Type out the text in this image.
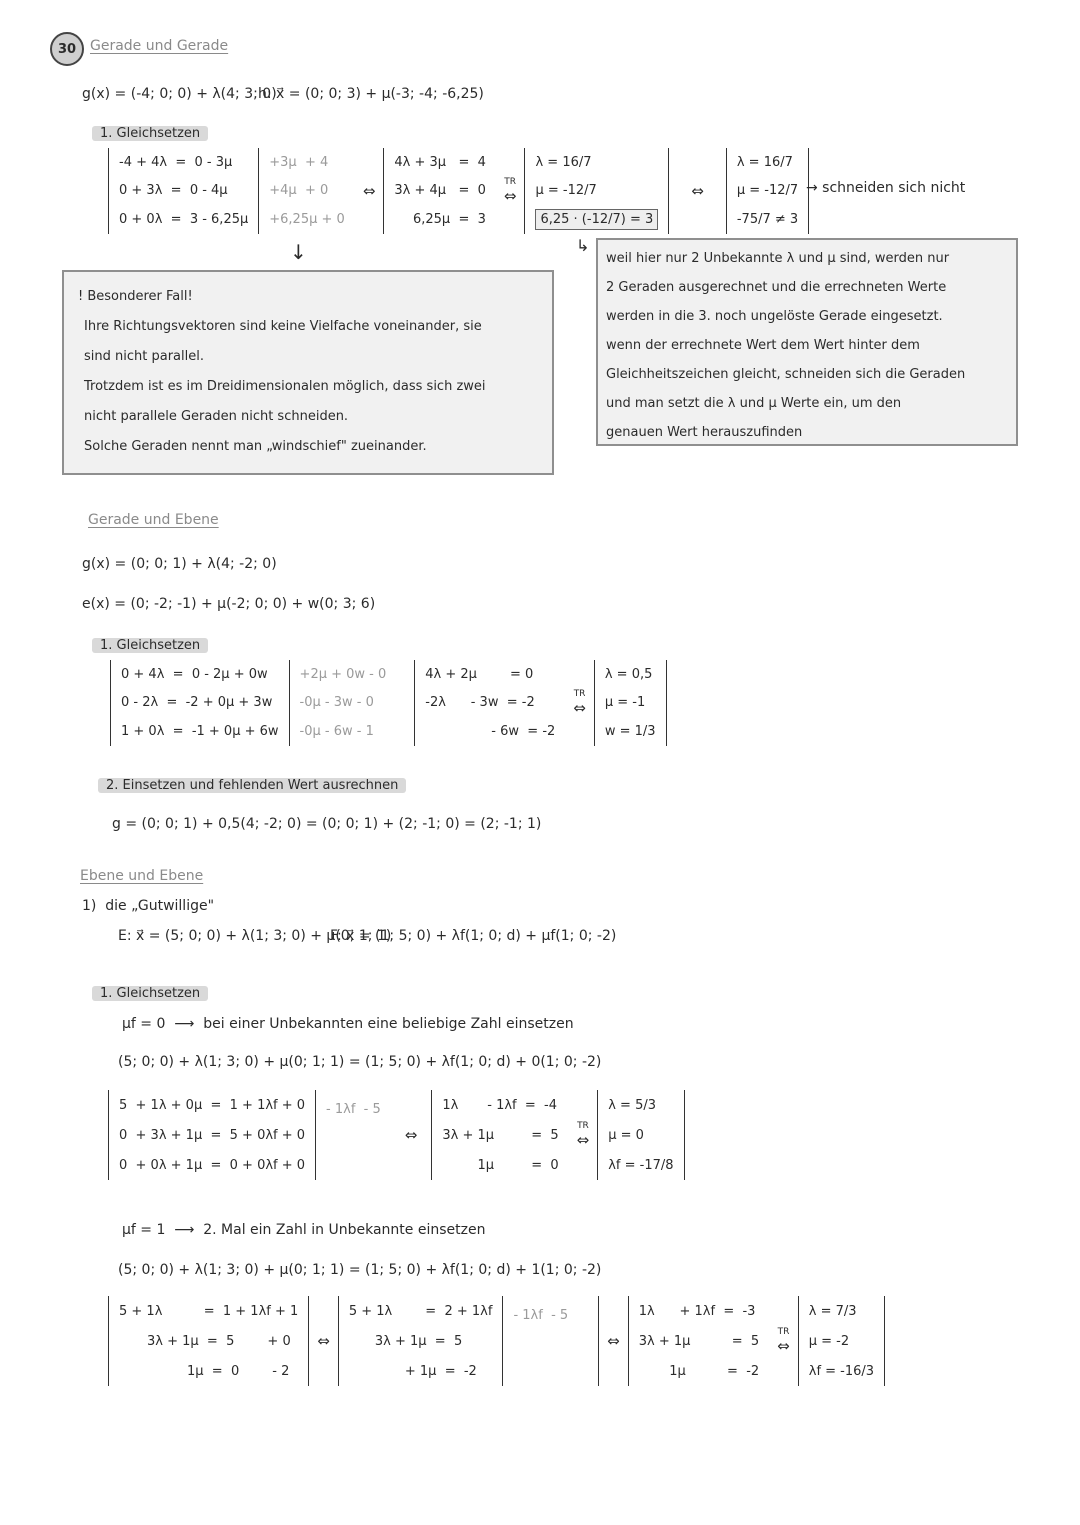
30 Gerade und Gerade
g(x) = (-4; 0; 0) + λ(4; 3; 0)
h: x⃗ = (0; 0; 3) + μ(-3; -4; -6,25)
1. Gleichsetzen
-4 + 4λ  =  0 - 3μ
0 + 3λ  =  0 - 4μ
0 + 0λ  =  3 - 6,25μ
+3μ  + 4
+4μ  + 0
+6,25μ + 0
⇔
4λ + 3μ   =  4
3λ + 4μ   =  0
6,25μ  =  3
TR
⇔
λ = 16/7
μ = -12/7
6,25 · (-12/7) = 3
⇔
λ = 16/7
μ = -12/7
-75/7 ≠ 3
→ schneiden sich nicht
↓	↳
! Besonderer Fall!
Ihre Richtungsvektoren sind keine Vielfache voneinander, sie
sind nicht parallel.
Trotzdem ist es im Dreidimensionalen möglich, dass sich zwei
nicht parallele Geraden nicht schneiden.
Solche Geraden nennt man „windschief" zueinander.
weil hier nur 2 Unbekannte λ und μ sind, werden nur
2 Geraden ausgerechnet und die errechneten Werte
werden in die 3. noch ungelöste Gerade eingesetzt.
wenn der errechnete Wert dem Wert hinter dem
Gleichheitszeichen gleicht, schneiden sich die Geraden
und man setzt die λ und μ Werte ein, um den
genauen Wert herauszufinden
Gerade und Ebene
g(x) = (0; 0; 1) + λ(4; -2; 0)
e(x) = (0; -2; -1) + μ(-2; 0; 0) + w(0; 3; 6)
1. Gleichsetzen
0 + 4λ  =  0 - 2μ + 0w
0 - 2λ  =  -2 + 0μ + 3w
1 + 0λ  =  -1 + 0μ + 6w
+2μ + 0w - 0
-0μ - 3w - 0
-0μ - 6w - 1
4λ + 2μ        = 0
-2λ      - 3w  = -2
- 6w  = -2
TR
⇔
λ = 0,5
μ = -1
w = 1/3
2. Einsetzen und fehlenden Wert ausrechnen
g = (0; 0; 1) + 0,5(4; -2; 0) = (0; 0; 1) + (2; -1; 0) = (2; -1; 1)
Ebene und Ebene
1)  die „Gutwillige"
E: x⃗ = (5; 0; 0) + λ(1; 3; 0) + μ(0; 1; 1)
F: x⃗ = (1; 5; 0) + λf(1; 0; d) + μf(1; 0; -2)
1. Gleichsetzen
μf = 0  ⟶  bei einer Unbekannten eine beliebige Zahl einsetzen
(5; 0; 0) + λ(1; 3; 0) + μ(0; 1; 1) = (1; 5; 0) + λf(1; 0; d) + 0(1; 0; -2)
5  + 1λ + 0μ  =  1 + 1λf + 0
0  + 3λ + 1μ  =  5 + 0λf + 0
0  + 0λ + 1μ  =  0 + 0λf + 0
- 1λf  - 5
⇔
1λ       - 1λf  =  -4
3λ + 1μ         =  5
1μ         =  0
TR
⇔
λ = 5/3
μ = 0
λf = -17/8
μf = 1  ⟶  2. Mal ein Zahl in Unbekannte einsetzen
(5; 0; 0) + λ(1; 3; 0) + μ(0; 1; 1) = (1; 5; 0) + λf(1; 0; d) + 1(1; 0; -2)
5 + 1λ          =  1 + 1λf + 1
3λ + 1μ  =  5        + 0
1μ  =  0        - 2
⇔
5 + 1λ        =  2 + 1λf
3λ + 1μ  =  5
+ 1μ  =  -2
- 1λf  - 5
⇔
1λ      + 1λf  =  -3
3λ + 1μ          =  5
1μ          =  -2
TR
⇔
λ = 7/3
μ = -2
λf = -16/3
